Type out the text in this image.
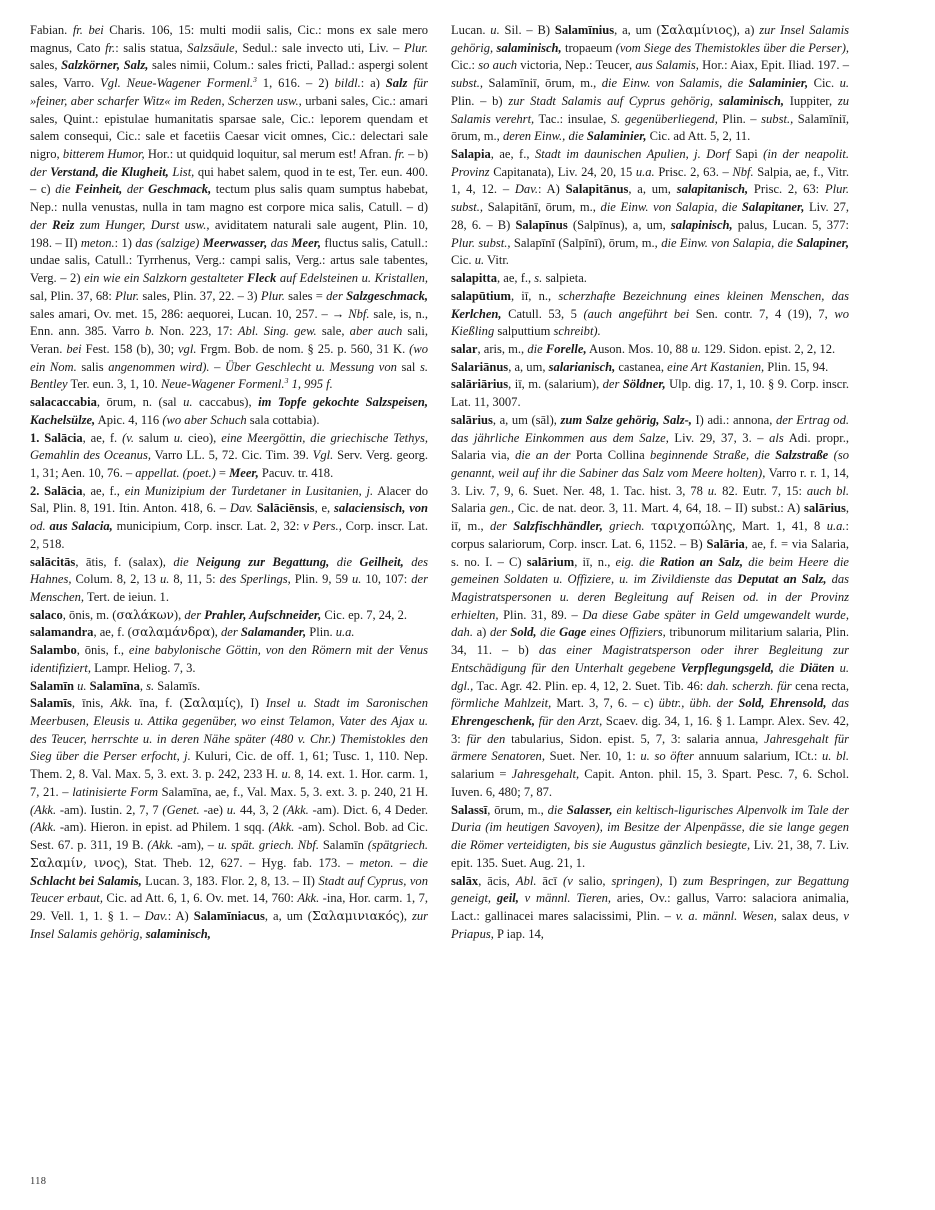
Fabian. fr. bei Charis. 106, 15: multi modii salis, Cic.: mons ex sale mero magnus, Cato fr.: salis statua, Salzsäule, Sedul.: sale invecto uti, Liv. – Plur. sales, Salzkörner, Salz, sales nimii, Colum.: sales fricti, Pallad.: aspergi solent sales, Varro. Vgl. Neue-Wagener Formenl.$^3$ 1, 616. – 2) bildl.: a) Salz für »feiner, aber scharfer Witz« im Reden, Scherzen usw., urbani sales, Cic.: amari sales, Quint.: epistulae humanitatis sparsae sale, Cic.: leporem quendam et salem consequi, Cic.: sale et facetiis Caesar vicit omnes, Cic.: delectari sale nigro, bitterem Humor, Hor.: ut quidquid loquitur, sal merum est! Afran. fr. – b) der Verstand, die Klugheit, List, qui habet salem, quod in te est, Ter. eun. 400. – c) die Feinheit, der Geschmack, tectum plus salis quam sumptus habebat, Nep.: nulla venustas, nulla in tam magno est corpore mica salis, Catull. – d) der Reiz zum Hunger, Durst usw., aviditatem naturali sale augent, Plin. 10, 198. – II) meton.: 1) das (salzige) Meerwasser, das Meer, fluctus salis, Catull.: undae salis, Catull.: Tyrrhenus, Verg.: campi salis, Verg.: artus sale tabentes, Verg. – 2) ein wie ein Salzkorn gestalteter Fleck auf Edelsteinen u. Kristallen, sal, Plin. 37, 68: Plur. sales, Plin. 37, 22. – 3) Plur. sales = der Salzgeschmack, sales amari, Ov. met. 15, 286: aequorei, Lucan. 10, 257. – → Nbf. sale, is, n., Enn. ann. 385. Varro b. Non. 223, 17: Abl. Sing. gew. sale, aber auch sali, Veran. bei Fest. 158 (b), 30; vgl. Frgm. Bob. de nom. § 25. p. 560, 31 K. (wo ein Nom. salis angenommen wird). – Über Geschlecht u. Messung von sal s. Bentley Ter. eun. 3, 1, 10. Neue-Wagener Formenl.$^3$ 1, 995 f.

salacaccabia, ōrum, n. (sal u. caccabus), im Topfe gekochte Salzspeisen, Kachelsülze, Apic. 4, 116 (wo aber Schuch sala cottabia).

1. Salācia, ae, f. (v. salum u. cieo), eine Meergöttin, die griechische Tethys, Gemahlin des Oceanus, Varro LL. 5, 72. Cic. Tim. 39. Vgl. Serv. Verg. georg. 1, 31; Aen. 10, 76. – appellat. (poet.) = Meer, Pacuv. tr. 418.

2. Salācia, ae, f., ein Munizipium der Turdetaner in Lusitanien, j. Alacer do Sal, Plin. 8, 191. Itin. Anton. 418, 6. – Dav. Salāciēnsis, e, salaciensisch, von od. aus Salacia, municipium, Corp. inscr. Lat. 2, 32: v Pers., Corp. inscr. Lat. 2, 518.

salācitās, ātis, f. (salax), die Neigung zur Begattung, die Geilheit, des Hahnes, Colum. 8, 2, 13 u. 8, 11, 5: des Sperlings, Plin. 9, 59 u. 10, 107: der Menschen, Tert. de ieiun. 1.

salaco, ōnis, m. (σαλάκων), der Prahler, Aufschneider, Cic. ep. 7, 24, 2.

salamandra, ae, f. (σαλαμάνδρα), der Salamander, Plin. u.a.

Salambo, ōnis, f., eine babylonische Göttin, von den Römern mit der Venus identifiziert, Lampr. Heliog. 7, 3.

Salamīn u. Salamīna, s. Salamīs.

Salamīs, īnis, Akk. īna, f. (Σαλαμίς), I) Insel u. Stadt im Saronischen Meerbusen, Eleusis u. Attika gegenüber, wo einst Telamon, Vater des Ajax u. des Teucer, herrschte u. in deren Nähe später (480 v. Chr.) Themistokles den Sieg über die Perser erfocht, j. Kuluri, Cic. de off. 1, 61; Tusc. 1, 110. Nep. Them. 2, 8. Val. Max. 5, 3. ext. 3. p. 242, 233 H. u. 8, 14. ext. 1. Hor. carm. 1, 7, 21. – latinisierte Form Salamīna, ae, f., Val. Max. 5, 3. ext. 3. p. 240, 21 H. (Akk. -am). Iustin. 2, 7, 7 (Genet. -ae) u. 44, 3, 2 (Akk. -am). Dict. 6, 4 Deder. (Akk. -am). Hieron. in epist. ad Philem. 1 sqq. (Akk. -am). Schol. Bob. ad Cic. Sest. 67. p. 311, 19 B. (Akk. -am), – u. spät. griech. Nbf. Salamīn (spätgriech. Σαλαμίν, ινος), Stat. Theb. 12, 627. – Hyg. fab. 173. – meton. – die Schlacht bei Salamis, Lucan. 3, 183. Flor. 2, 8, 13. – II) Stadt auf Cyprus, von Teucer erbaut, Cic. ad Att. 6, 1, 6. Ov. met. 14, 760: Akk. -ina, Hor. carm. 1, 7, 29. Vell. 1, 1. § 1. – Dav.: A) Salamīniacus, a, um (Σαλαμινιακός), zur Insel Salamis gehörig, salaminisch,

Lucan. u. Sil. – B) Salamīnius, a, um (Σαλαμίνιος), a) zur Insel Salamis gehörig, salaminisch, tropaeum (vom Siege des Themistokles über die Perser), Cic.: so auch victoria, Nep.: Teucer, aus Salamis, Hor.: Aiax, Epit. Iliad. 197. – subst., Salamīniī, ōrum, m., die Einw. von Salamis, die Salaminier, Cic. u. Plin. – b) zur Stadt Salamis auf Cyprus gehörig, salaminisch, Iuppiter, zu Salamis verehrt, Tac.: insulae, S. gegenüberliegend, Plin. – subst., Salamīniī, ōrum, m., deren Einw., die Salaminier, Cic. ad Att. 5, 2, 11.

Salapia, ae, f., Stadt im daunischen Apulien, j. Dorf Sapi (in der neapolit. Provinz Capitanata), Liv. 24, 20, 15 u.a. Prisc. 2, 63. – Nbf. Salpia, ae, f., Vitr. 1, 4, 12. – Dav.: A) Salapitānus, a, um, salapitanisch, Prisc. 2, 63: Plur. subst., Salapitānī, ōrum, m., die Einw. von Salapia, die Salapitaner, Liv. 27, 28, 6. – B) Salapīnus (Salpīnus), a, um, salapinisch, palus, Lucan. 5, 377: Plur. subst., Salapīnī (Salpīnī), ōrum, m., die Einw. von Salapia, die Salapiner, Cic. u. Vitr.

salapitta, ae, f., s. salpieta.

salapūtium, iī, n., scherzhafte Bezeichnung eines kleinen Menschen, das Kerlchen, Catull. 53, 5 (auch angeführt bei Sen. contr. 7, 4 (19), 7, wo Kießling salputtium schreibt).

salar, aris, m., die Forelle, Auson. Mos. 10, 88 u. 129. Sidon. epist. 2, 2, 12.

Salariānus, a, um, salarianisch, castanea, eine Art Kastanien, Plin. 15, 94.

salāriārius, iī, m. (salarium), der Söldner, Ulp. dig. 17, 1, 10. § 9. Corp. inscr. Lat. 11, 3007.

salārius, a, um (sāl), zum Salze gehörig, Salz-, I) adi.: annona, der Ertrag od. das jährliche Einkommen aus dem Salze, Liv. 29, 37, 3. – als Adi. propr., Salaria via, die an der Porta Collina beginnende Straße, die Salzstraße (so genannt, weil auf ihr die Sabiner das Salz vom Meere holten), Varro r. r. 1, 14, 3. Liv. 7, 9, 6. Suet. Ner. 48, 1. Tac. hist. 3, 78 u. 82. Eutr. 7, 15: auch bl. Salaria gen., Cic. de nat. deor. 3, 11. Mart. 4, 64, 18. – II) subst.: A) salārius, iī, m., der Salzfischhändler, griech. ταριχοπώλης, Mart. 1, 41, 8 u.a.: corpus salariorum, Corp. inscr. Lat. 6, 1152. – B) Salāria, ae, f. = via Salaria, s. no. I. – C) salārium, iī, n., eig. die Ration an Salz, die beim Heere die gemeinen Soldaten u. Offiziere, u. im Zivildienste das Deputat an Salz, das Magistratspersonen u. deren Begleitung auf Reisen od. in der Provinz erhielten, Plin. 31, 89. – Da diese Gabe später in Geld umgewandelt wurde, dah. a) der Sold, die Gage eines Offiziers, tribunorum militarium salaria, Plin. 34, 11. – b) das einer Magistratsperson oder ihrer Begleitung zur Entschädigung für den Unterhalt gegebene Verpflegungsgeld, die Diäten u. dgl., Tac. Agr. 42. Plin. ep. 4, 12, 2. Suet. Tib. 46: dah. scherzh. für cena recta, förmliche Mahlzeit, Mart. 3, 7, 6. – c) übtr., übh. der Sold, Ehrensold, das Ehrengeschenk, für den Arzt, Scaev. dig. 34, 1, 16. § 1. Lampr. Alex. Sev. 42, 3: für den tabularius, Sidon. epist. 5, 7, 3: salaria annua, Jahresgehalt für ärmere Senatoren, Suet. Ner. 10, 1: u. so öfter annuum salarium, ICt.: u. bl. salarium = Jahresgehalt, Capit. Anton. phil. 15, 3. Spart. Pesc. 7, 6. Schol. Iuven. 6, 480; 7, 87.

Salassī, ōrum, m., die Salasser, ein keltisch-ligurisches Alpenvolk im Tale der Duria (im heutigen Savoyen), im Besitze der Alpenpässe, die sie lange gegen die Römer verteidigten, bis sie Augustus gänzlich besiegte, Liv. 21, 38, 7. Liv. epit. 135. Suet. Aug. 21, 1.

salāx, ācis, Abl. ācī (v salio, springen), I) zum Bespringen, zur Begattung geneigt, geil, v männl. Tieren, aries, Ov.: gallus, Varro: salaciora animalia, Lact.: gallinacei mares salacissimi, Plin. – v. a. männl. Wesen, salax deus, v Priapus, P iap. 14,

118
